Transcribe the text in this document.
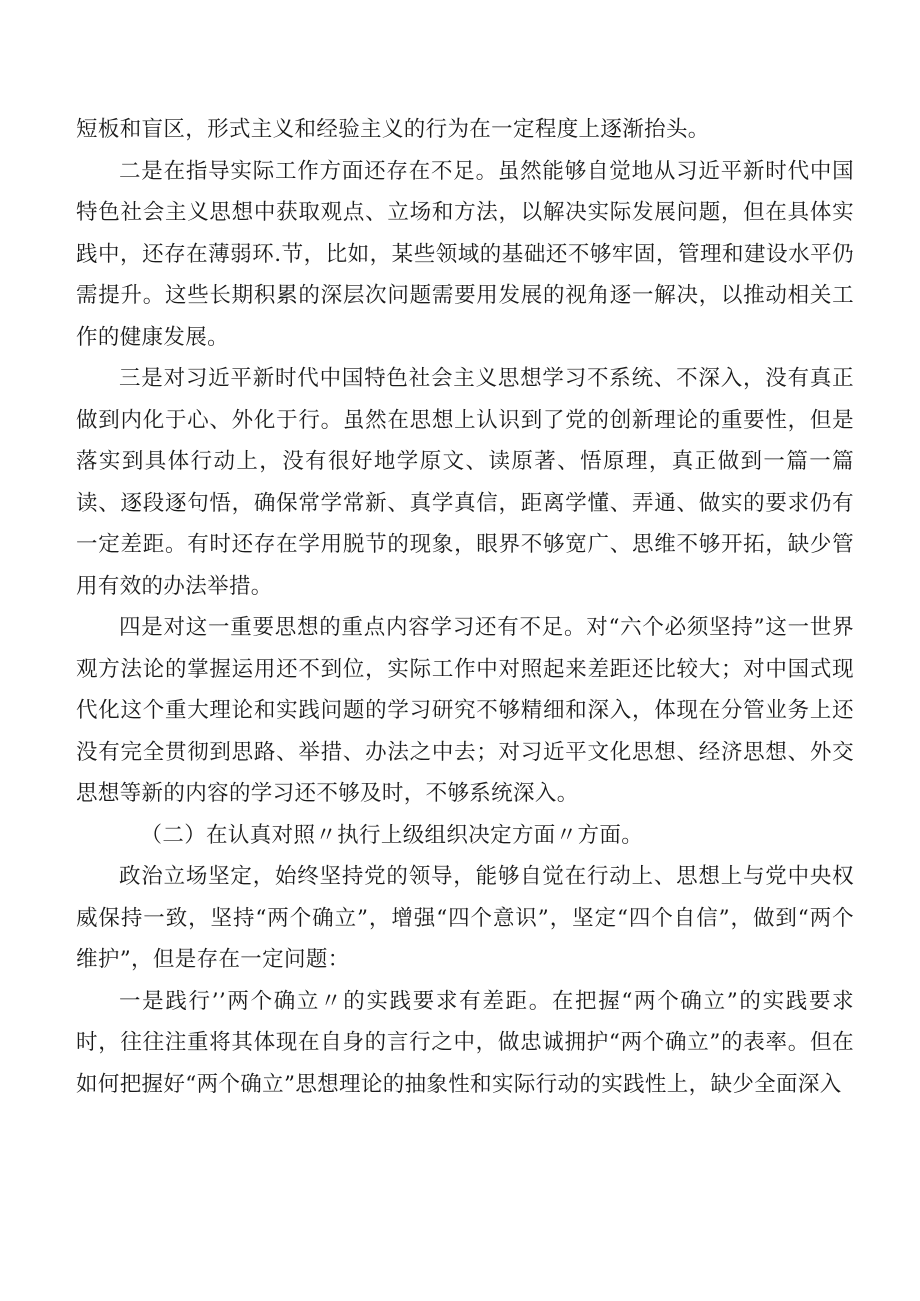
短板和盲区，形式主义和经验主义的行为在一定程度上逐渐抬头。

二是在指导实际工作方面还存在不足。虽然能够自觉地从习近平新时代中国特色社会主义思想中获取观点、立场和方法，以解决实际发展问题，但在具体实践中，还存在薄弱环.节，比如，某些领域的基础还不够牢固，管理和建设水平仍需提升。这些长期积累的深层次问题需要用发展的视角逐一解决，以推动相关工作的健康发展。

三是对习近平新时代中国特色社会主义思想学习不系统、不深入，没有真正做到内化于心、外化于行。虽然在思想上认识到了党的创新理论的重要性，但是落实到具体行动上，没有很好地学原文、读原著、悟原理，真正做到一篇一篇读、逐段逐句悟，确保常学常新、真学真信，距离学懂、弄通、做实的要求仍有一定差距。有时还存在学用脱节的现象，眼界不够宽广、思维不够开拓，缺少管用有效的办法举措。

四是对这一重要思想的重点内容学习还有不足。对“六个必须坚持”这一世界观方法论的掌握运用还不到位，实际工作中对照起来差距还比较大；对中国式现代化这个重大理论和实践问题的学习研究不够精细和深入，体现在分管业务上还没有完全贯彻到思路、举措、办法之中去；对习近平文化思想、经济思想、外交思想等新的内容的学习还不够及时，不够系统深入。

（二）在认真对照〃执行上级组织决定方面〃方面。

政治立场坚定，始终坚持党的领导，能够自觉在行动上、思想上与党中央权威保持一致，坚持“两个确立”，增强“四个意识”，坚定“四个自信”，做到“两个维护”，但是存在一定问题：

一是践行’’两个确立〃的实践要求有差距。在把握“两个确立”的实践要求时，往往注重将其体现在自身的言行之中，做忠诚拥护“两个确立”的表率。但在如何把握好“两个确立”思想理论的抽象性和实际行动的实践性上，缺少全面深入
